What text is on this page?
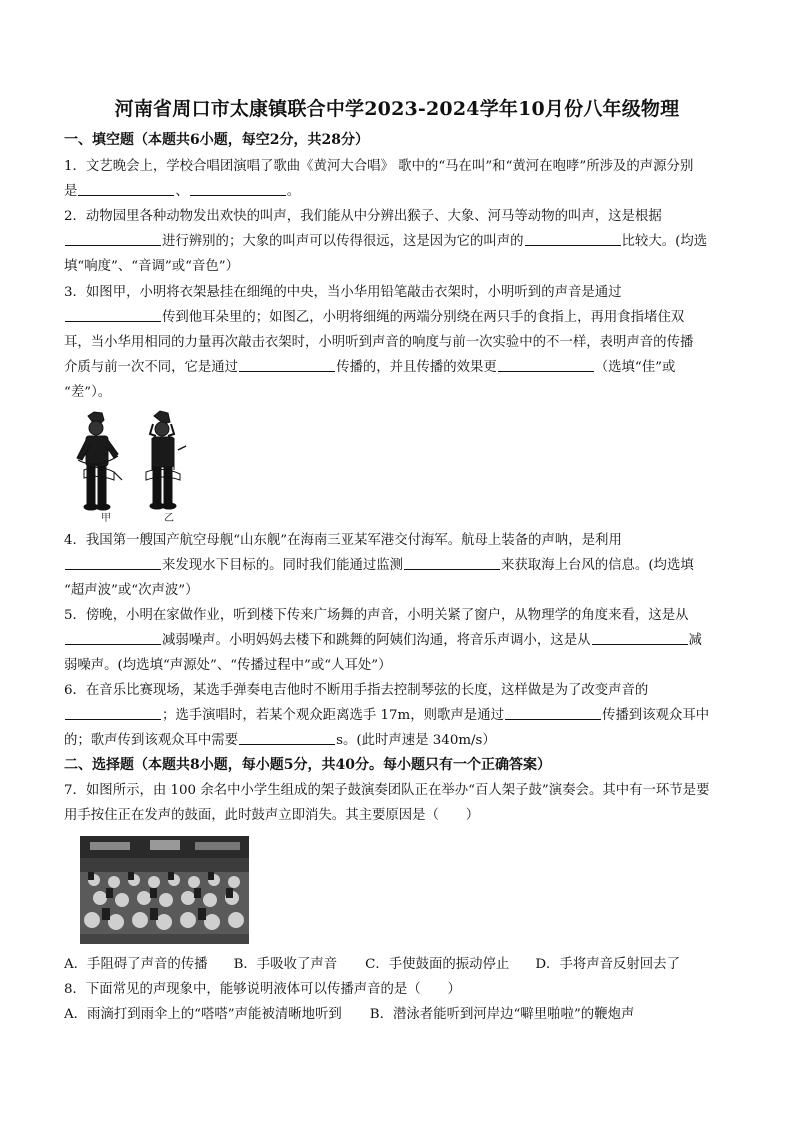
河南省周口市太康镇联合中学2023-2024学年10月份八年级物理
一、填空题（本题共6小题，每空2分，共28分）
1．文艺晚会上，学校合唱团演唱了歌曲《黄河大合唱》 歌中的“马在叫”和“黄河在咆哮”所涉及的声源分别
是	、	。
2．动物园里各种动物发出欢快的叫声，我们能从中分辨出猴子、大象、河马等动物的叫声，这是根据
进行辨别的；大象的叫声可以传得很远，这是因为它的叫声的	比较大。(均选
填“响度”、“音调”或“音色”）
3．如图甲，小明将衣架悬挂在细绳的中央，当小华用铅笔敲击衣架时，小明听到的声音是通过
传到他耳朵里的；如图乙，小明将细绳的两端分别绕在两只手的食指上，再用食指堵住双
耳，当小华用相同的力量再次敲击衣架时，小明听到声音的响度与前一次实验中的不一样，表明声音的传播
介质与前一次不同，它是通过	传播的，并且传播的效果更	（选填“佳”或
“差”）。
甲	乙
4．我国第一艘国产航空母舰“山东舰”在海南三亚某军港交付海军。航母上装备的声呐，是利用
来发现水下目标的。同时我们能通过监测	来获取海上台风的信息。(均选填
“超声波”或“次声波”）
5．傍晚，小明在家做作业，听到楼下传来广场舞的声音，小明关紧了窗户，从物理学的角度来看，这是从
减弱噪声。小明妈妈去楼下和跳舞的阿姨们沟通，将音乐声调小，这是从	减
弱噪声。(均选填“声源处”、“传播过程中”或“人耳处”）
6．在音乐比赛现场，某选手弹奏电吉他时不断用手指去控制琴弦的长度，这样做是为了改变声音的
；选手演唱时，若某个观众距离选手 17m，则歌声是通过	传播到该观众耳中
的；歌声传到该观众耳中需要	s。(此时声速是 340m/s）
二、选择题（本题共8小题，每小题5分，共40分。每小题只有一个正确答案）
7．如图所示，由 100 余名中小学生组成的架子鼓演奏团队正在举办“百人架子鼓”演奏会。其中有一环节是要
用手按住正在发声的鼓面，此时鼓声立即消失。其主要原因是（　　）
A．手阻碍了声音的传播 B．手吸收了声音 C．手使鼓面的振动停止 D．手将声音反射回去了
8．下面常见的声现象中，能够说明液体可以传播声音的是（　　）
A．雨滴打到雨伞上的“嗒嗒”声能被清晰地听到 B．潜泳者能听到河岸边“噼里啪啦”的鞭炮声
